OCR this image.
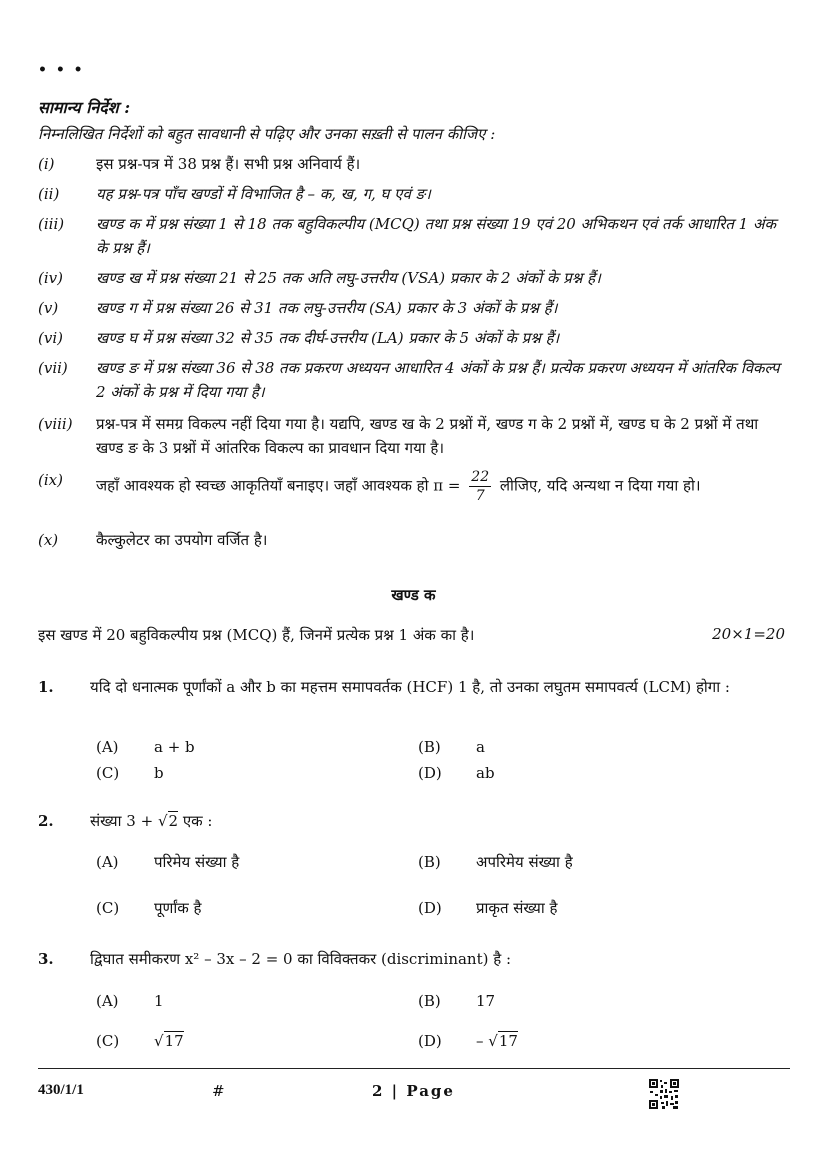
• • •
सामान्य निर्देश :
निम्नलिखित निर्देशों को बहुत सावधानी से पढ़िए और उनका सख़्ती से पालन कीजिए :
(i)	इस प्रश्न-पत्र में 38 प्रश्न हैं। सभी प्रश्न अनिवार्य हैं।
(ii) यह प्रश्न-पत्र पाँच खण्डों में विभाजित है – क, ख, ग, घ एवं ङ।
(iii) खण्ड क में प्रश्न संख्या 1 से 18 तक बहुविकल्पीय (MCQ) तथा प्रश्न संख्या 19 एवं 20 अभिकथन एवं तर्क आधारित 1 अंक के प्रश्न हैं।
(iv) खण्ड ख में प्रश्न संख्या 21 से 25 तक अति लघु-उत्तरीय (VSA) प्रकार के 2 अंकों के प्रश्न हैं।
(v)	खण्ड ग में प्रश्न संख्या 26 से 31 तक लघु-उत्तरीय (SA) प्रकार के 3 अंकों के प्रश्न हैं।
(vi) खण्ड घ में प्रश्न संख्या 32 से 35 तक दीर्घ-उत्तरीय (LA) प्रकार के 5 अंकों के प्रश्न हैं।
(vii) खण्ड ङ में प्रश्न संख्या 36 से 38 तक प्रकरण अध्ययन आधारित 4 अंकों के प्रश्न हैं। प्रत्येक प्रकरण अध्ययन में आंतरिक विकल्प 2 अंकों के प्रश्न में दिया गया है।
(viii) प्रश्न-पत्र में समग्र विकल्प नहीं दिया गया है। यद्यपि, खण्ड ख के 2 प्रश्नों में, खण्ड ग के 2 प्रश्नों में, खण्ड घ के 2 प्रश्नों में तथा खण्ड ङ के 3 प्रश्नों में आंतरिक विकल्प का प्रावधान दिया गया है।
(ix) जहाँ आवश्यक हो स्वच्छ आकृतियाँ बनाइए। जहाँ आवश्यक हो $\pi = \frac{22}{7}$ लीजिए, यदि अन्यथा न दिया गया हो।
(x)	कैल्कुलेटर का उपयोग वर्जित है।
खण्ड क
इस खण्ड में 20 बहुविकल्पीय प्रश्न (MCQ) हैं, जिनमें प्रत्येक प्रश्न 1 अंक का है।	20×1=20
1. यदि दो धनात्मक पूर्णांकों a और b का महत्तम समापवर्तक (HCF) 1 है, तो उनका लघुतम समापवर्त्य (LCM) होगा :
(A) a + b	(B) a
(C) b	(D) ab
2. संख्या 3 + √2 एक :
(A) परिमेय संख्या है	(B) अपरिमेय संख्या है
(C) पूर्णांक है	(D) प्राकृत संख्या है
3. द्विघात समीकरण x² – 3x – 2 = 0 का विविक्तकर (discriminant) है :
(A) 1	(B) 17
(C) √17	(D) – √17
430/1/1	#	2 | Page
